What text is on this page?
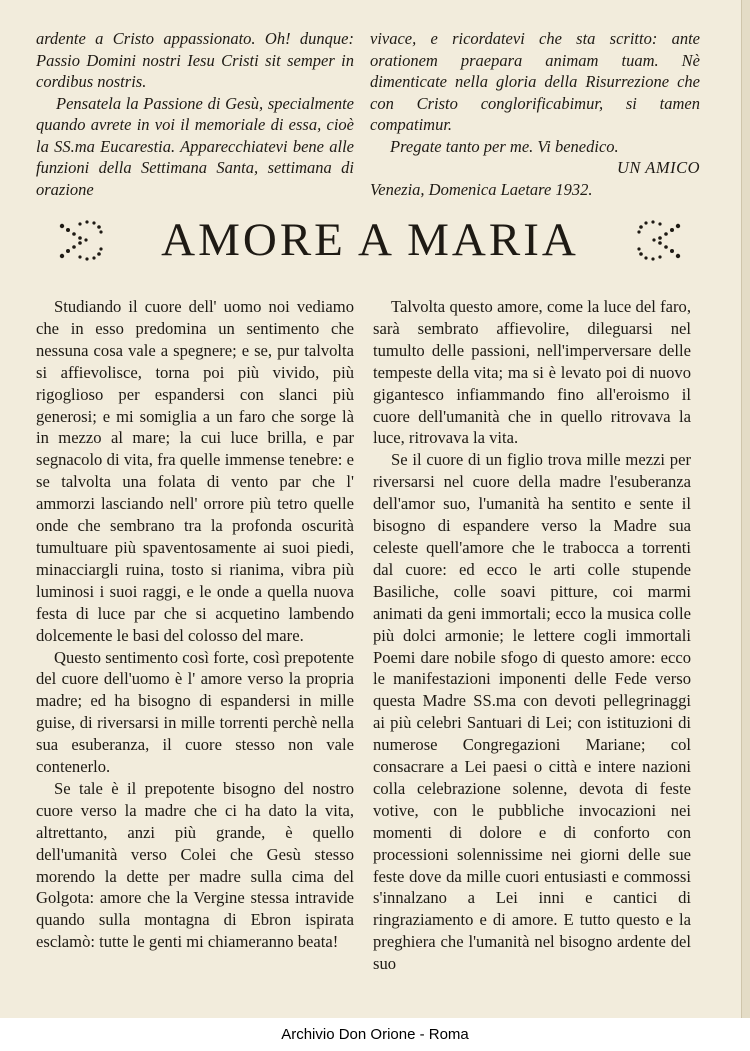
ardente a Cristo appassionato. Oh! dunque: Passio Domini nostri Iesu Cristi sit semper in cordibus nostris.

Pensatela la Passione di Gesù, specialmente quando avrete in voi il memoriale di essa, cioè la SS.ma Eucarestia. Apparecchiatevi bene alle funzioni della Settimana Santa, settimana di orazione

vivace, e ricordatevi che sta scritto: ante orationem praepara animam tuam. Nè dimenticate nella gloria della Risurrezione che con Cristo conglorificabimur, si tamen compatimur.

Pregate tanto per me. Vi benedico.

UN AMICO

Venezia, Domenica Laetare 1932.

AMORE A MARIA

Studiando il cuore dell' uomo noi vediamo che in esso predomina un sentimento che nessuna cosa vale a spegnere; e se, pur talvolta si affievolisce, torna poi più vivido, più rigoglioso per espandersi con slanci più generosi; e mi somiglia a un faro che sorge là in mezzo al mare; la cui luce brilla, e par segnacolo di vita, fra quelle immense tenebre: e se talvolta una folata di vento par che l' ammorzi lasciando nell' orrore più tetro quelle onde che sembrano tra la profonda oscurità tumultuare più spaventosamente ai suoi piedi, minacciargli ruina, tosto si rianima, vibra più luminosi i suoi raggi, e le onde a quella nuova festa di luce par che si acquetino lambendo dolcemente le basi del colosso del mare.

Questo sentimento così forte, così prepotente del cuore dell'uomo è l' amore verso la propria madre; ed ha bisogno di espandersi in mille guise, di riversarsi in mille torrenti perchè nella sua esuberanza, il cuore stesso non vale contenerlo.

Se tale è il prepotente bisogno del nostro cuore verso la madre che ci ha dato la vita, altrettanto, anzi più grande, è quello dell'umanità verso Colei che Gesù stesso morendo la dette per madre sulla cima del Golgota: amore che la Vergine stessa intravide quando sulla montagna di Ebron ispirata esclamò: tutte le genti mi chiameranno beata!

Talvolta questo amore, come la luce del faro, sarà sembrato affievolire, dileguarsi nel tumulto delle passioni, nell'imperversare delle tempeste della vita; ma si è levato poi di nuovo gigantesco infiammando fino all'eroismo il cuore dell'umanità che in quello ritrovava la luce, ritrovava la vita.

Se il cuore di un figlio trova mille mezzi per riversarsi nel cuore della madre l'esuberanza dell'amor suo, l'umanità ha sentito e sente il bisogno di espandere verso la Madre sua celeste quell'amore che le trabocca a torrenti dal cuore: ed ecco le arti colle stupende Basiliche, colle soavi pitture, coi marmi animati da geni immortali; ecco la musica colle più dolci armonie; le lettere cogli immortali Poemi dare nobile sfogo di questo amore: ecco le manifestazioni imponenti delle Fede verso questa Madre SS.ma con devoti pellegrinaggi ai più celebri Santuari di Lei; con istituzioni di numerose Congregazioni Mariane; col consacrare a Lei paesi o città e intere nazioni colla celebrazione solenne, devota di feste votive, con le pubbliche invocazioni nei momenti di dolore e di conforto con processioni solennissime nei giorni delle sue feste dove da mille cuori entusiasti e commossi s'innalzano a Lei inni e cantici di ringraziamento e di amore. E tutto questo e la preghiera che l'umanità nel bisogno ardente del suo

Archivio Don Orione - Roma
